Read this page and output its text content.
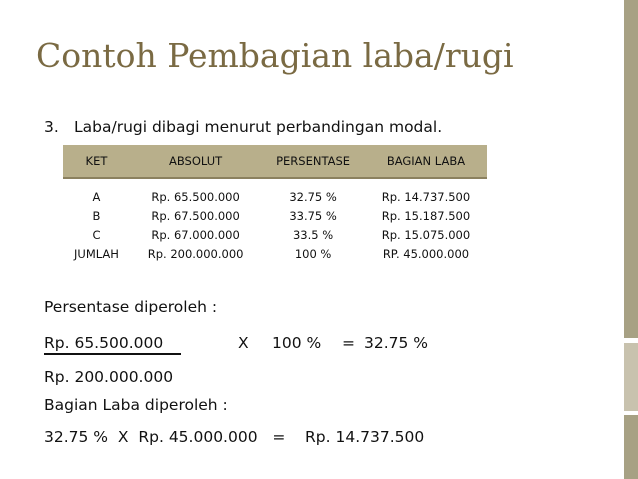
Contoh Pembagian laba/rugi
3. Laba/rugi dibagi menurut perbandingan modal.
KET	ABSOLUT	PERSENTASE	BAGIAN LABA
A	Rp. 65.500.000	32.75 %	Rp. 14.737.500
B	Rp. 67.500.000	33.75 %	Rp. 15.187.500
C	Rp. 67.000.000	33.5 %	Rp. 15.075.000
JUMLAH	Rp. 200.000.000	100 %	RP. 45.000.000
Persentase diperoleh :
Rp. 65.500.000	X 100 % = 32.75 %
Rp. 200.000.000
Bagian Laba diperoleh :
32.75 %  X  Rp. 45.000.000   =    Rp. 14.737.500
